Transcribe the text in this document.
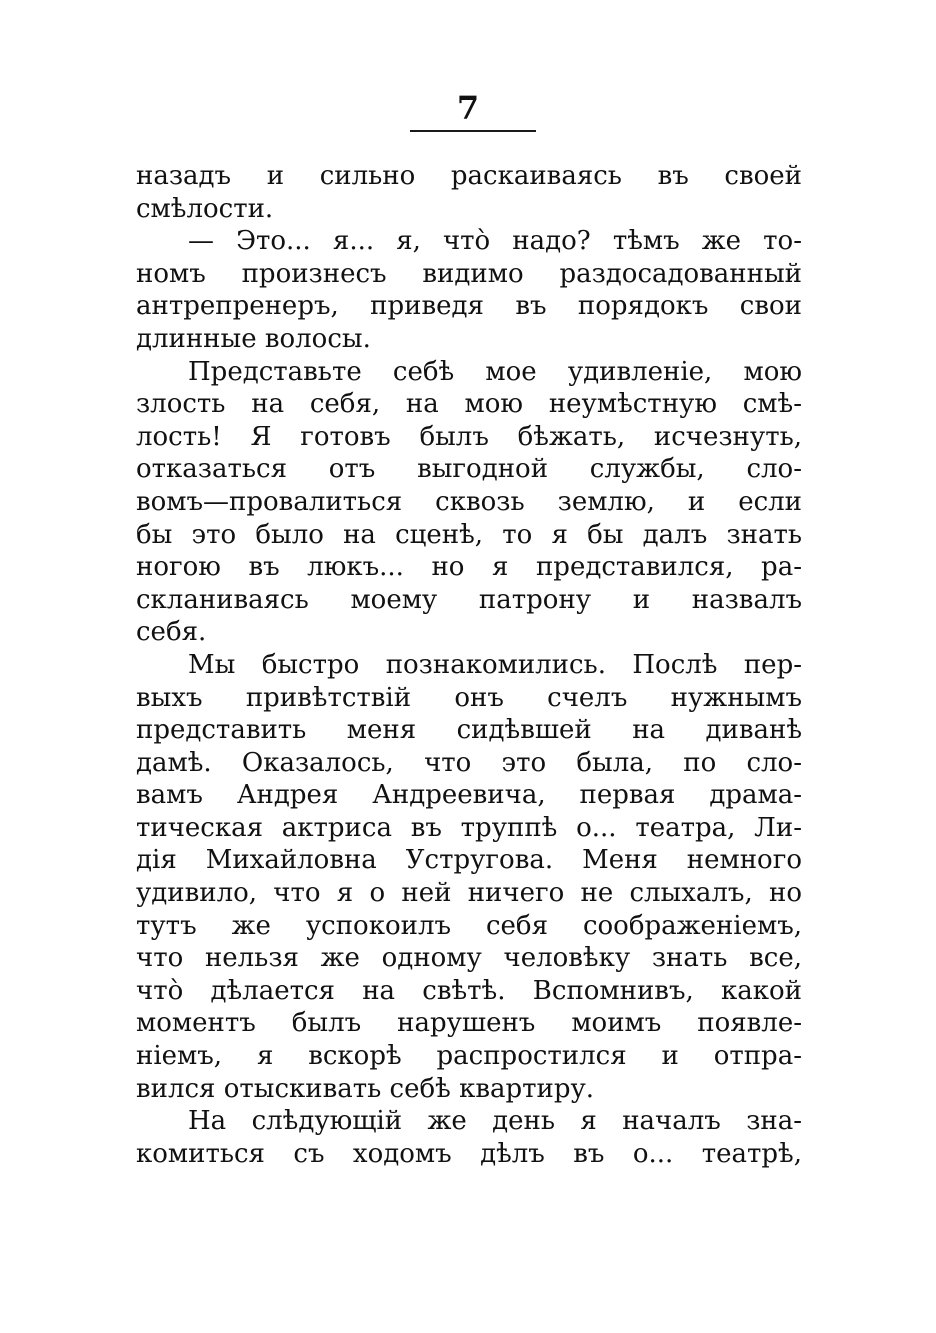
7
назадъ и сильно раскаиваясь въ своей
смѣлости.
— Это... я... я, что̀ надо? тѣмъ же то-
номъ произнесъ видимо раздосадованный
антрепренеръ, приведя въ порядокъ свои
длинные волосы.
Представьте себѣ мое удивленіе, мою
злость на себя, на мою неумѣстную смѣ-
лость! Я готовъ былъ бѣжать, исчезнуть,
отказаться отъ выгодной службы, сло-
вомъ—провалиться сквозь землю, и если
бы это было на сценѣ, то я бы далъ знать
ногою въ люкъ... но я представился, ра-
скланиваясь моему патрону и назвалъ
себя.
Мы быстро познакомились. Послѣ пер-
выхъ привѣтствій онъ счелъ нужнымъ
представить меня сидѣвшей на диванѣ
дамѣ. Оказалось, что это была, по сло-
вамъ Андрея Андреевича, первая драма-
тическая актриса въ труппѣ о... театра, Ли-
дія Михайловна Устругова. Меня немного
удивило, что я о ней ничего не слыхалъ, но
тутъ же успокоилъ себя соображеніемъ,
что нельзя же одному человѣку знать все,
что̀ дѣлается на свѣтѣ. Вспомнивъ, какой
моментъ былъ нарушенъ моимъ появле-
ніемъ, я вскорѣ распростился и отпра-
вился отыскивать себѣ квартиру.
На слѣдующій же день я началъ зна-
комиться съ ходомъ дѣлъ въ о... театрѣ,
